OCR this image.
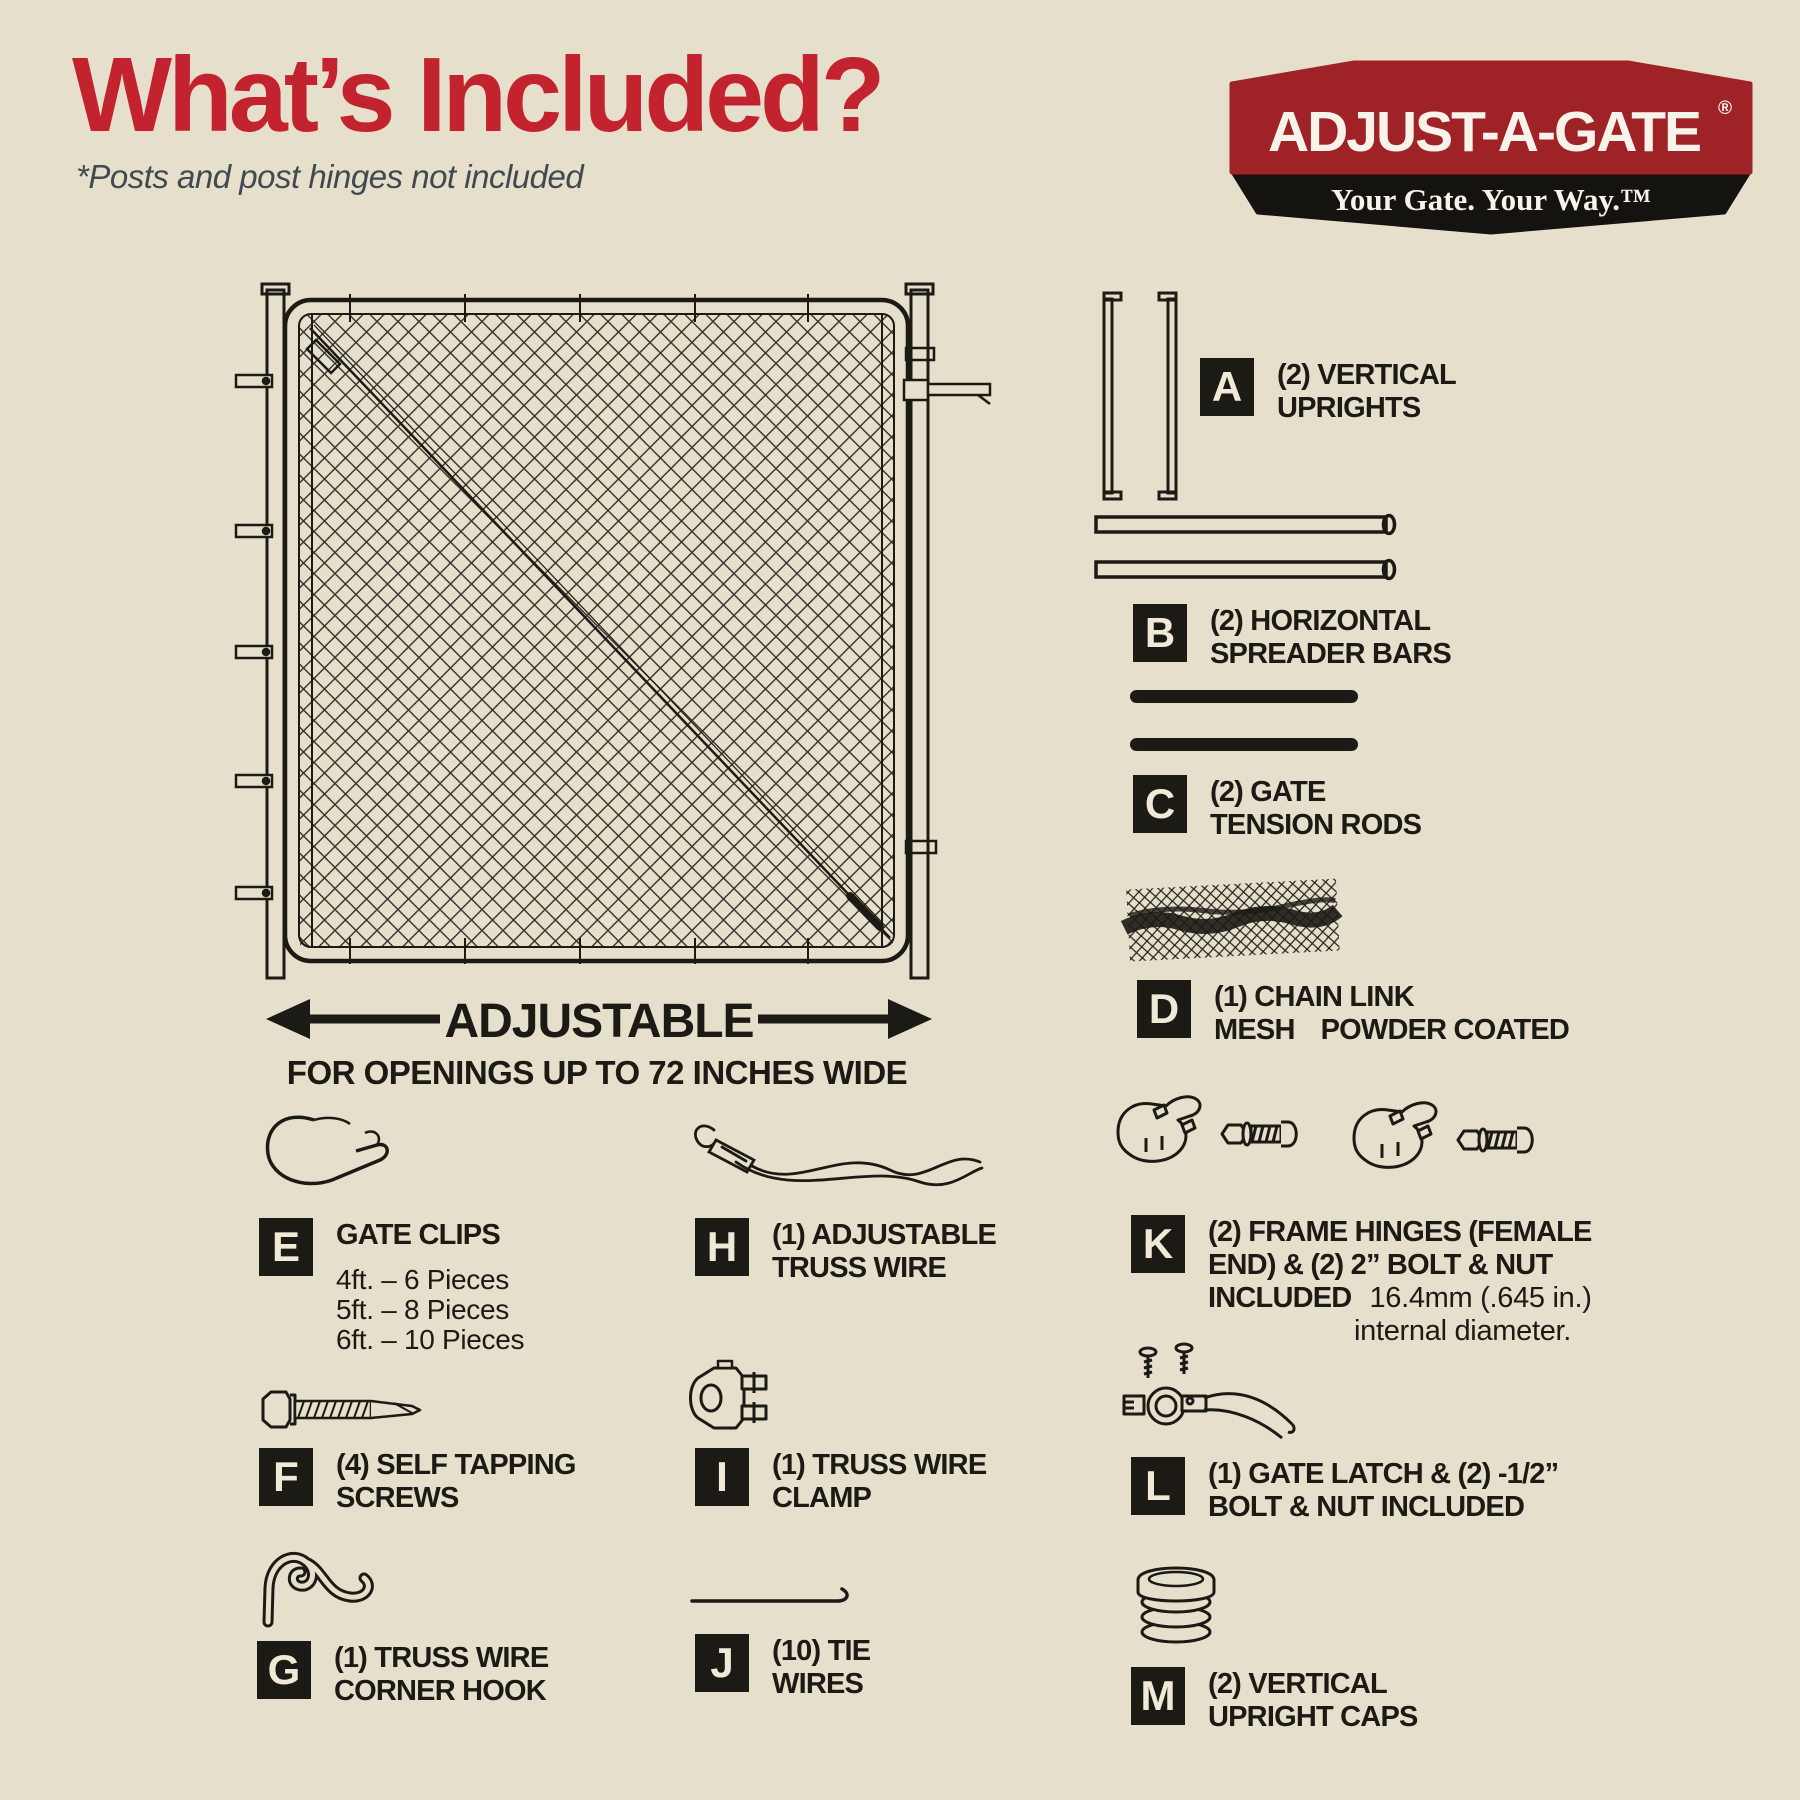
What’s Included?
*Posts and post hinges not included
ADJUST-A-GATE ®
Your Gate. Your Way.™
ADJUSTABLE
FOR OPENINGS UP TO 72 INCHES WIDE
A	(2) VERTICAL
UPRIGHTS
B	(2) HORIZONTAL
SPREADER BARS
C	(2) GATE
TENSION RODS
D	(1) CHAIN LINK
MESH POWDER COATED
K	(2) FRAME HINGES (FEMALE
END) & (2) 2” BOLT & NUT
INCLUDED 16.4mm (.645 in.)
internal diameter.
L	(1) GATE LATCH & (2) -1/2”
BOLT & NUT INCLUDED
M	(2) VERTICAL
UPRIGHT CAPS
E	GATE CLIPS
4ft. – 6 Pieces
5ft. – 8 Pieces
6ft. – 10 Pieces
F	(4) SELF TAPPING
SCREWS
G	(1) TRUSS WIRE
CORNER HOOK
H	(1) ADJUSTABLE
TRUSS WIRE
I	(1) TRUSS WIRE
CLAMP
J	(10) TIE
WIRES
